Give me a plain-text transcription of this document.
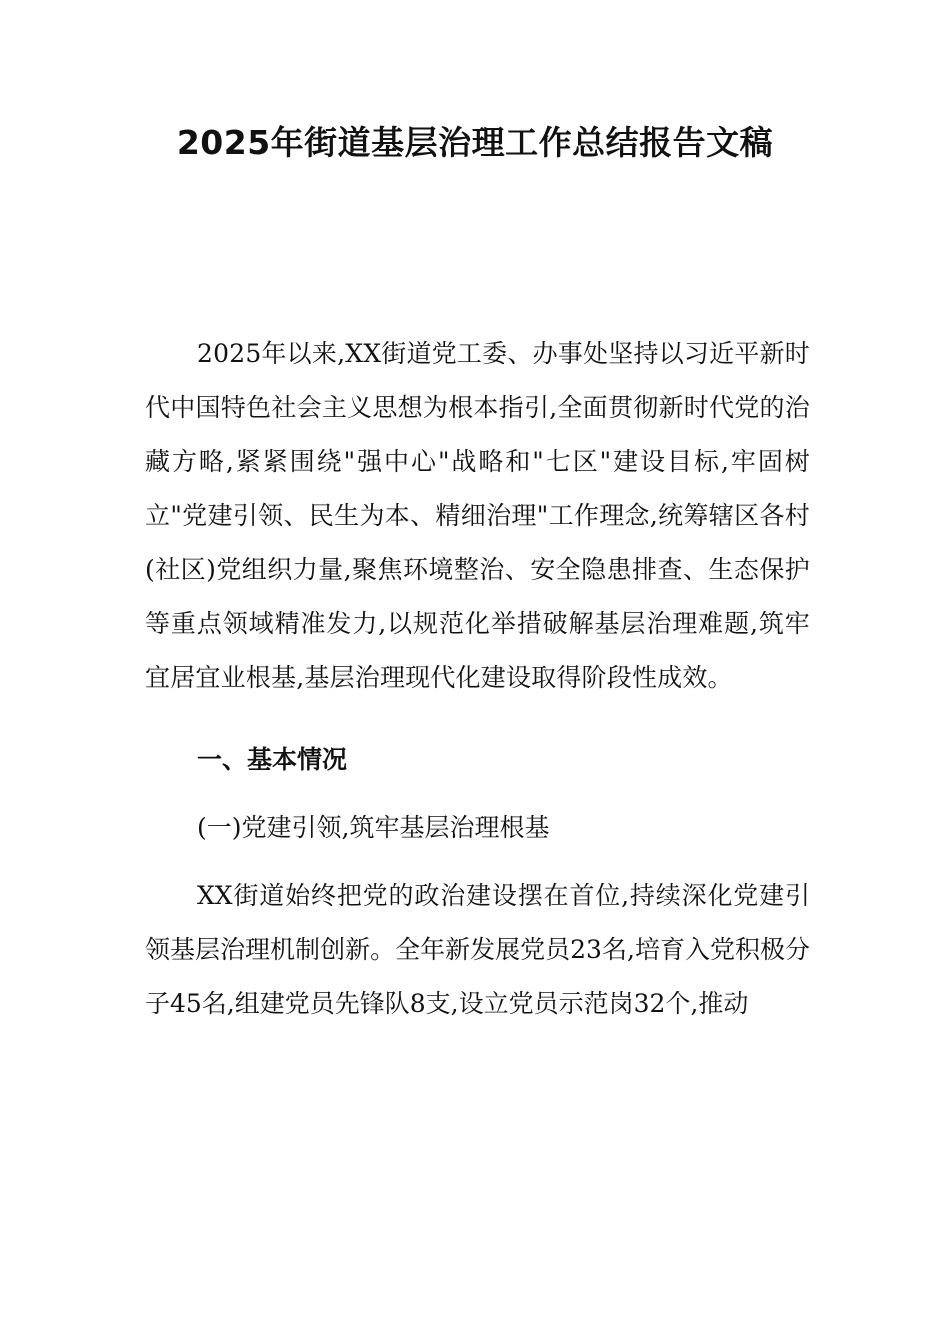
2025年街道基层治理工作总结报告文稿

2025年以来,XX街道党工委、办事处坚持以习近平新时代中国特色社会主义思想为根本指引,全面贯彻新时代党的治藏方略,紧紧围绕"强中心"战略和"七区"建设目标,牢固树立"党建引领、民生为本、精细治理"工作理念,统筹辖区各村(社区)党组织力量,聚焦环境整治、安全隐患排查、生态保护等重点领域精准发力,以规范化举措破解基层治理难题,筑牢宜居宜业根基,基层治理现代化建设取得阶段性成效。

一、基本情况

(一)党建引领,筑牢基层治理根基

XX街道始终把党的政治建设摆在首位,持续深化党建引领基层治理机制创新。全年新发展党员23名,培育入党积极分子45名,组建党员先锋队8支,设立党员示范岗32个,推动
